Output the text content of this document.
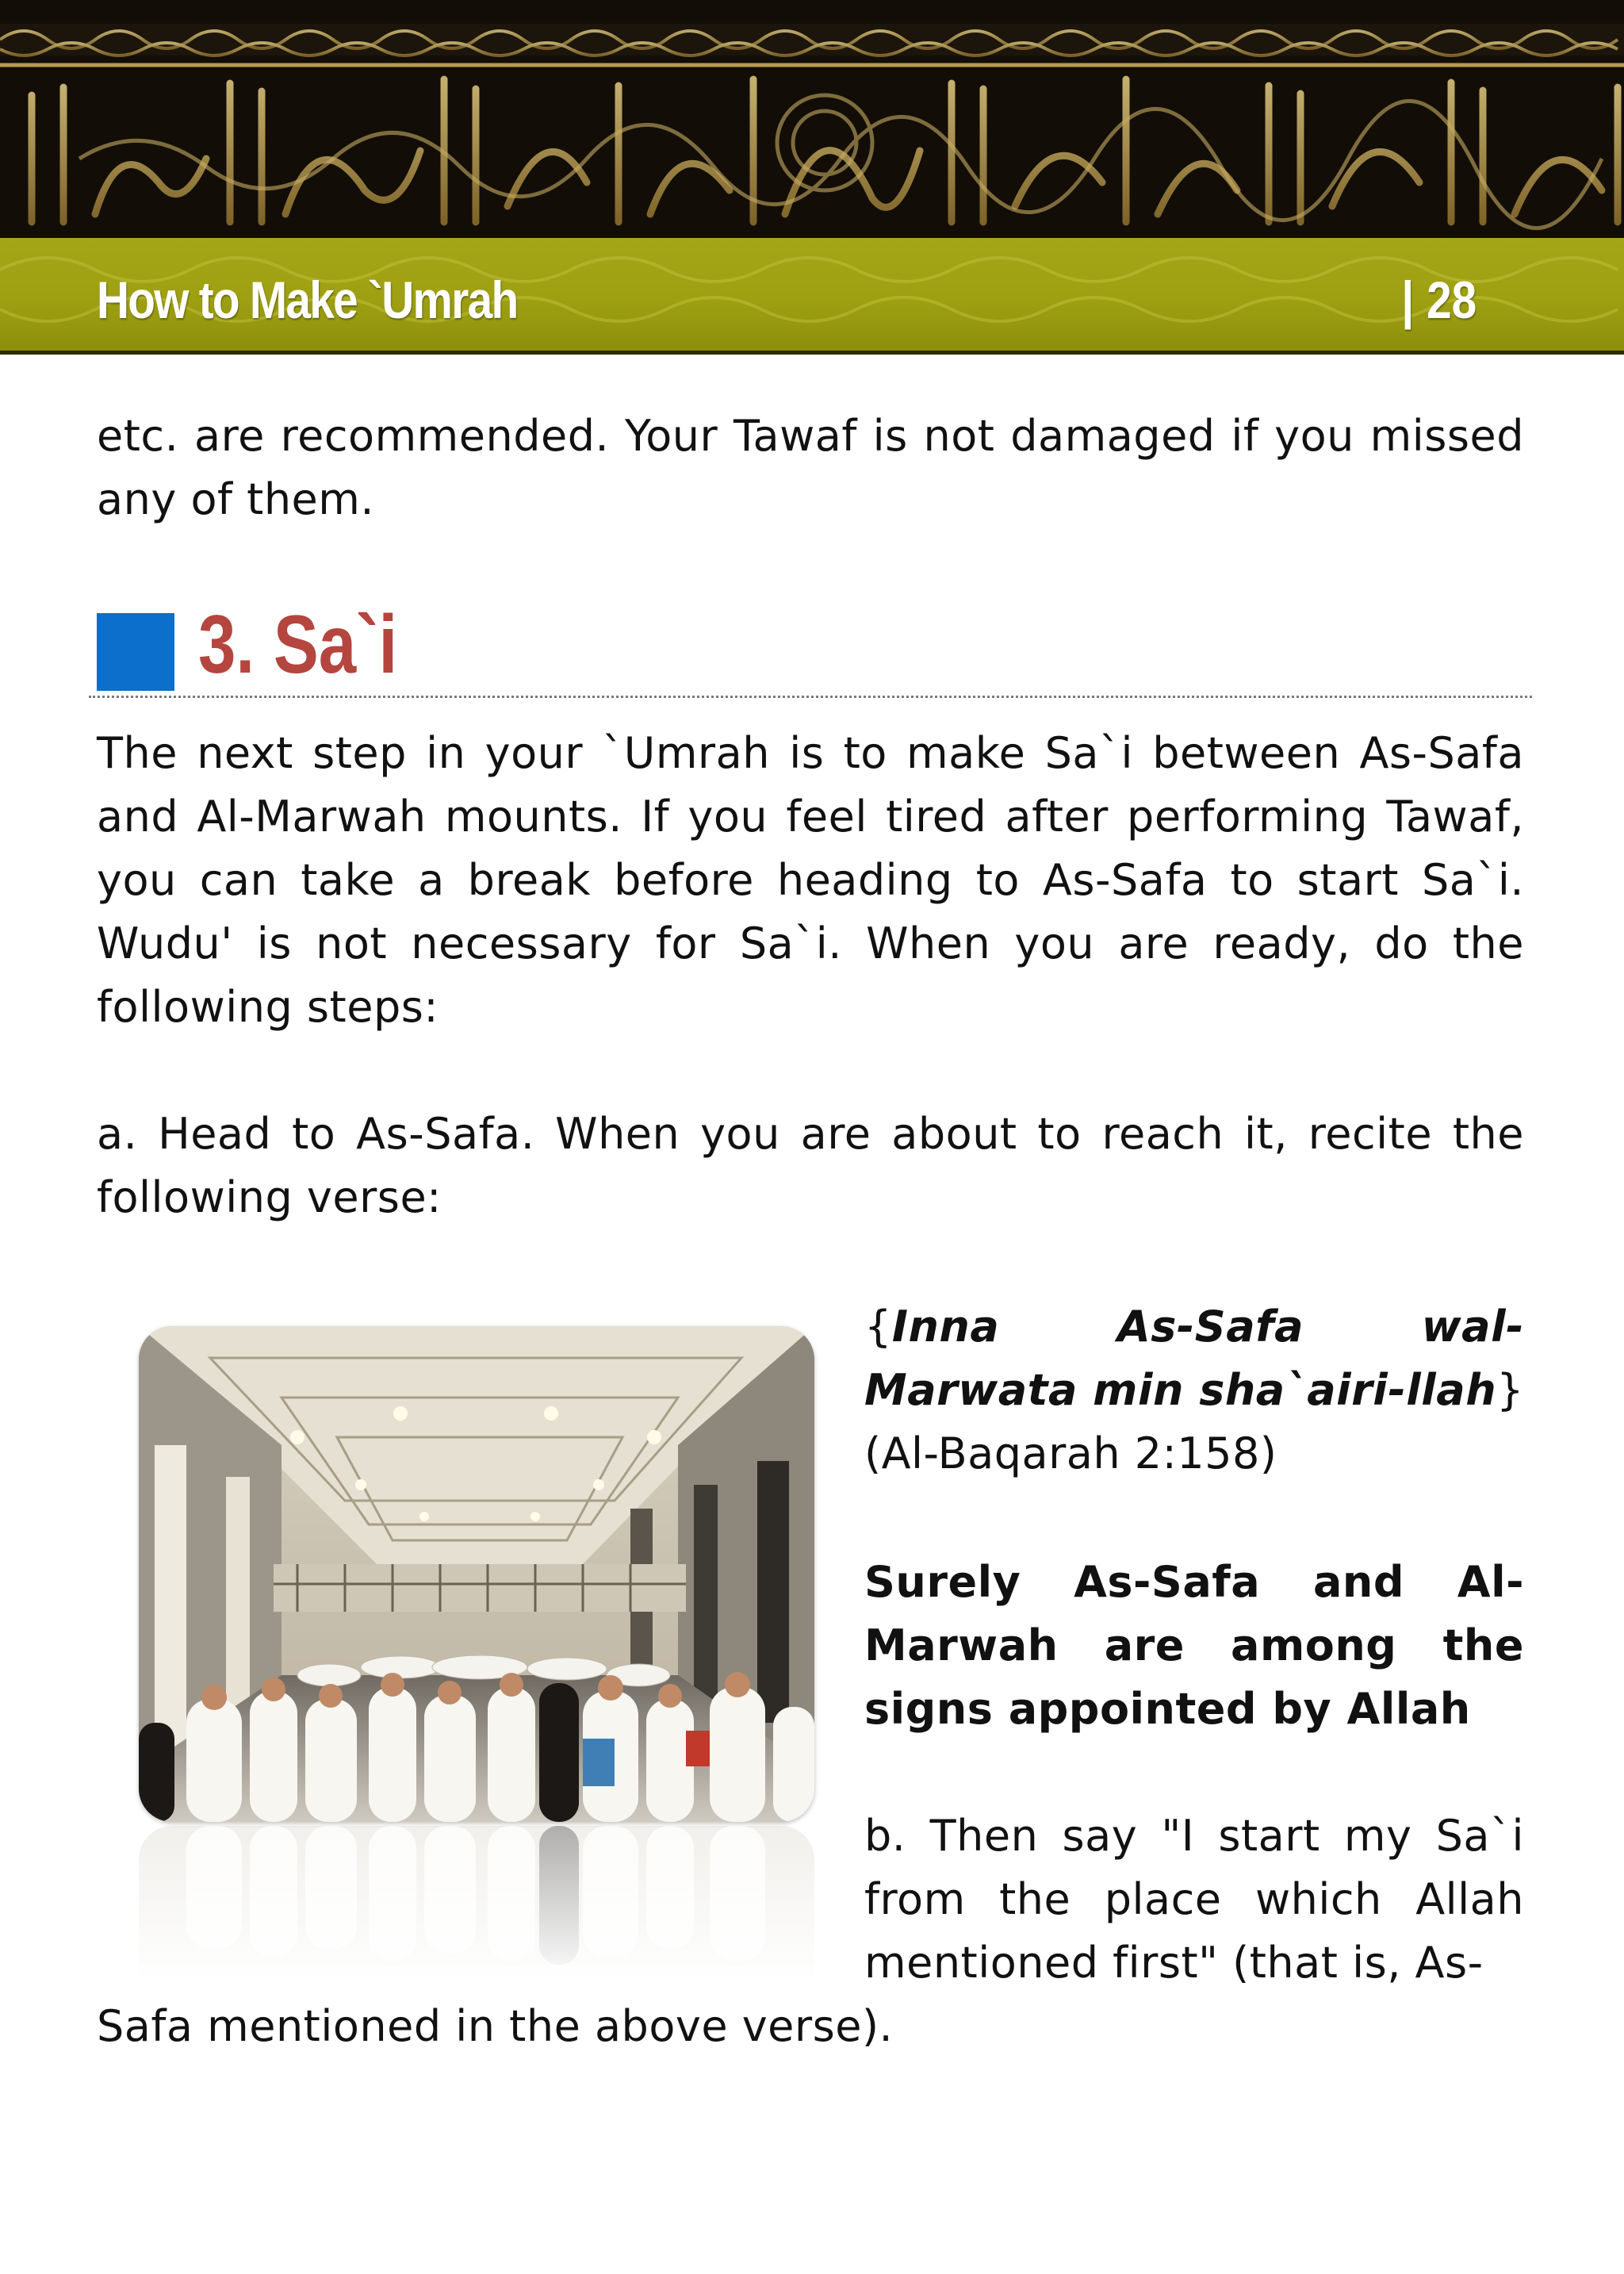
How to Make `Umrah	| 28
etc. are recommended. Your Tawaf is not damaged if you missed any of them.
3. Sa`i
The next step in your `Umrah is to make Sa`i between As-Safa and Al-Marwah mounts. If you feel tired after performing Tawaf, you can take a break before heading to As-Safa to start Sa`i. Wudu' is not necessary for Sa`i. When you are ready, do the following steps:
a. Head to As-Safa. When you are about to reach it, recite the following verse:
{Inna As-Safa wal-Marwata min sha`airi-llah} (Al-Baqarah 2:158)
Surely As-Safa and Al-Marwah are among the signs appointed by Allah
b. Then say "I start my Sa`i from the place which Allah mentioned first" (that is, As-
Safa mentioned in the above verse).
